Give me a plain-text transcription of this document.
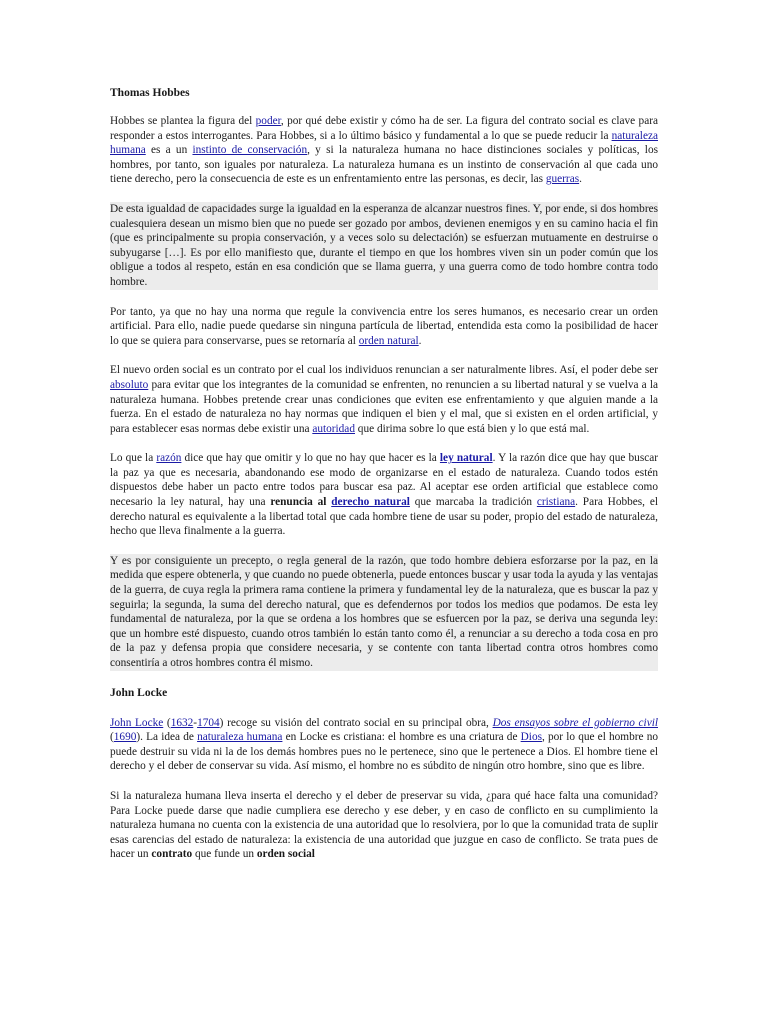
Thomas Hobbes

Hobbes se plantea la figura del poder, por qué debe existir y cómo ha de ser. La figura del contrato social es clave para responder a estos interrogantes. Para Hobbes, si a lo último básico y fundamental a lo que se puede reducir la naturaleza humana es a un instinto de conservación, y si la naturaleza humana no hace distinciones sociales y políticas, los hombres, por tanto, son iguales por naturaleza. La naturaleza humana es un instinto de conservación al que cada uno tiene derecho, pero la consecuencia de este es un enfrentamiento entre las personas, es decir, las guerras.

De esta igualdad de capacidades surge la igualdad en la esperanza de alcanzar nuestros fines. Y, por ende, si dos hombres cualesquiera desean un mismo bien que no puede ser gozado por ambos, devienen enemigos y en su camino hacia el fin (que es principalmente su propia conservación, y a veces solo su delectación) se esfuerzan mutuamente en destruirse o subyugarse […]. Es por ello manifiesto que, durante el tiempo en que los hombres viven sin un poder común que los obligue a todos al respeto, están en esa condición que se llama guerra, y una guerra como de todo hombre contra todo hombre.

Por tanto, ya que no hay una norma que regule la convivencia entre los seres humanos, es necesario crear un orden artificial. Para ello, nadie puede quedarse sin ninguna partícula de libertad, entendida esta como la posibilidad de hacer lo que se quiera para conservarse, pues se retornaría al orden natural.

El nuevo orden social es un contrato por el cual los individuos renuncian a ser naturalmente libres. Así, el poder debe ser absoluto para evitar que los integrantes de la comunidad se enfrenten, no renuncien a su libertad natural y se vuelva a la naturaleza humana. Hobbes pretende crear unas condiciones que eviten ese enfrentamiento y que alguien mande a la fuerza. En el estado de naturaleza no hay normas que indiquen el bien y el mal, que si existen en el orden artificial, y para establecer esas normas debe existir una autoridad que dirima sobre lo que está bien y lo que está mal.

Lo que la razón dice que hay que omitir y lo que no hay que hacer es la ley natural. Y la razón dice que hay que buscar la paz ya que es necesaria, abandonando ese modo de organizarse en el estado de naturaleza. Cuando todos estén dispuestos debe haber un pacto entre todos para buscar esa paz. Al aceptar ese orden artificial que establece como necesario la ley natural, hay una renuncia al derecho natural que marcaba la tradición cristiana. Para Hobbes, el derecho natural es equivalente a la libertad total que cada hombre tiene de usar su poder, propio del estado de naturaleza, hecho que lleva finalmente a la guerra.

Y es por consiguiente un precepto, o regla general de la razón, que todo hombre debiera esforzarse por la paz, en la medida que espere obtenerla, y que cuando no puede obtenerla, puede entonces buscar y usar toda la ayuda y las ventajas de la guerra, de cuya regla la primera rama contiene la primera y fundamental ley de la naturaleza, que es buscar la paz y seguirla; la segunda, la suma del derecho natural, que es defendernos por todos los medios que podamos. De esta ley fundamental de naturaleza, por la que se ordena a los hombres que se esfuercen por la paz, se deriva una segunda ley: que un hombre esté dispuesto, cuando otros también lo están tanto como él, a renunciar a su derecho a toda cosa en pro de la paz y defensa propia que considere necesaria, y se contente con tanta libertad contra otros hombres como consentiría a otros hombres contra él mismo.

John Locke

John Locke (1632-1704) recoge su visión del contrato social en su principal obra, Dos ensayos sobre el gobierno civil (1690). La idea de naturaleza humana en Locke es cristiana: el hombre es una criatura de Dios, por lo que el hombre no puede destruir su vida ni la de los demás hombres pues no le pertenece, sino que le pertenece a Dios. El hombre tiene el derecho y el deber de conservar su vida. Así mismo, el hombre no es súbdito de ningún otro hombre, sino que es libre.

Si la naturaleza humana lleva inserta el derecho y el deber de preservar su vida, ¿para qué hace falta una comunidad? Para Locke puede darse que nadie cumpliera ese derecho y ese deber, y en caso de conflicto en su cumplimiento la naturaleza humana no cuenta con la existencia de una autoridad que lo resolviera, por lo que la comunidad trata de suplir esas carencias del estado de naturaleza: la existencia de una autoridad que juzgue en caso de conflicto. Se trata pues de hacer un contrato que funde un orden social
